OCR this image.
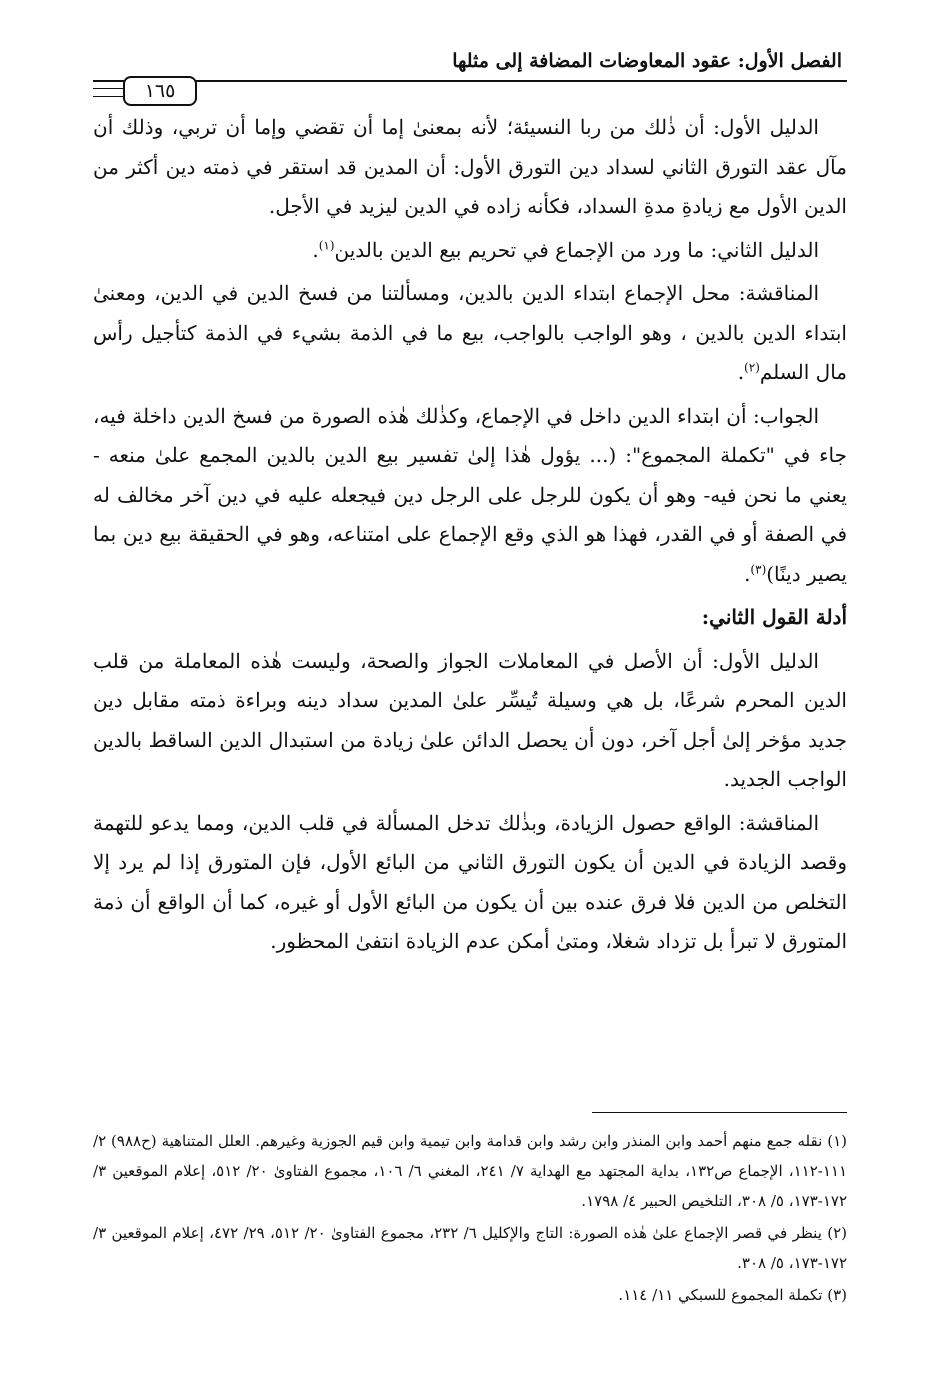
الفصل الأول: عقود المعاوضات المضافة إلى مثلها
١٦٥

الدليل الأول: أن ذٰلك من ربا النسيئة؛ لأنه بمعنىٰ إما أن تقضي وإما أن تربي، وذلك أن مآل عقد التورق الثاني لسداد دين التورق الأول: أن المدين قد استقر في ذمته دين أكثر من الدين الأول مع زيادةِ مدةِ السداد، فكأنه زاده في الدين ليزيد في الأجل.

الدليل الثاني: ما ورد من الإجماع في تحريم بيع الدين بالدين$^{(١)}$.

المناقشة: محل الإجماع ابتداء الدين بالدين، ومسألتنا من فسخ الدين في الدين، ومعنىٰ ابتداء الدين بالدين ، وهو الواجب بالواجب، بيع ما في الذمة بشيء في الذمة كتأجيل رأس مال السلم$^{(٢)}$.

الجواب: أن ابتداء الدين داخل في الإجماع، وكذٰلك هٰذه الصورة من فسخ الدين داخلة فيه، جاء في "تكملة المجموع": (... يؤول هٰذا إلىٰ تفسير بيع الدين بالدين المجمع علىٰ منعه - يعني ما نحن فيه- وهو أن يكون للرجل على الرجل دين فيجعله عليه في دين آخر مخالف له في الصفة أو في القدر، فهذا هو الذي وقع الإجماع على امتناعه، وهو في الحقيقة بيع دين بما يصير دينًا)$^{(٣)}$.

أدلة القول الثاني:

الدليل الأول: أن الأصل في المعاملات الجواز والصحة، وليست هٰذه المعاملة من قلب الدين المحرم شرعًا، بل هي وسيلة تُيسِّر علىٰ المدين سداد دينه وبراءة ذمته مقابل دين جديد مؤخر إلىٰ أجل آخر، دون أن يحصل الدائن علىٰ زيادة من استبدال الدين الساقط بالدين الواجب الجديد.

المناقشة: الواقع حصول الزيادة، وبذٰلك تدخل المسألة في قلب الدين، ومما يدعو للتهمة وقصد الزيادة في الدين أن يكون التورق الثاني من البائع الأول، فإن المتورق إذا لم يرد إلا التخلص من الدين فلا فرق عنده بين أن يكون من البائع الأول أو غيره، كما أن الواقع أن ذمة المتورق لا تبرأ بل تزداد شغلا، ومتىٰ أمكن عدم الزيادة انتفىٰ المحظور.

(١) نقله جمع منهم أحمد وابن المنذر وابن رشد وابن قدامة وابن تيمية وابن قيم الجوزية وغيرهم. العلل المتناهية (ح٩٨٨) ٢/ ١١١-١١٢، الإجماع ص١٣٢، بداية المجتهد مع الهداية ٧/ ٢٤١، المغني ٦/ ١٠٦، مجموع الفتاوىٰ ٢٠/ ٥١٢، إعلام الموقعين ٣/ ١٧٢-١٧٣، ٥/ ٣٠٨، التلخيص الحبير ٤/ ١٧٩٨.

(٢) ينظر في قصر الإجماع علىٰ هٰذه الصورة: التاج والإكليل ٦/ ٢٣٢، مجموع الفتاوىٰ ٢٠/ ٥١٢، ٢٩/ ٤٧٢، إعلام الموقعين ٣/ ١٧٢-١٧٣، ٥/ ٣٠٨.

(٣) تكملة المجموع للسبكي ١١/ ١١٤.
